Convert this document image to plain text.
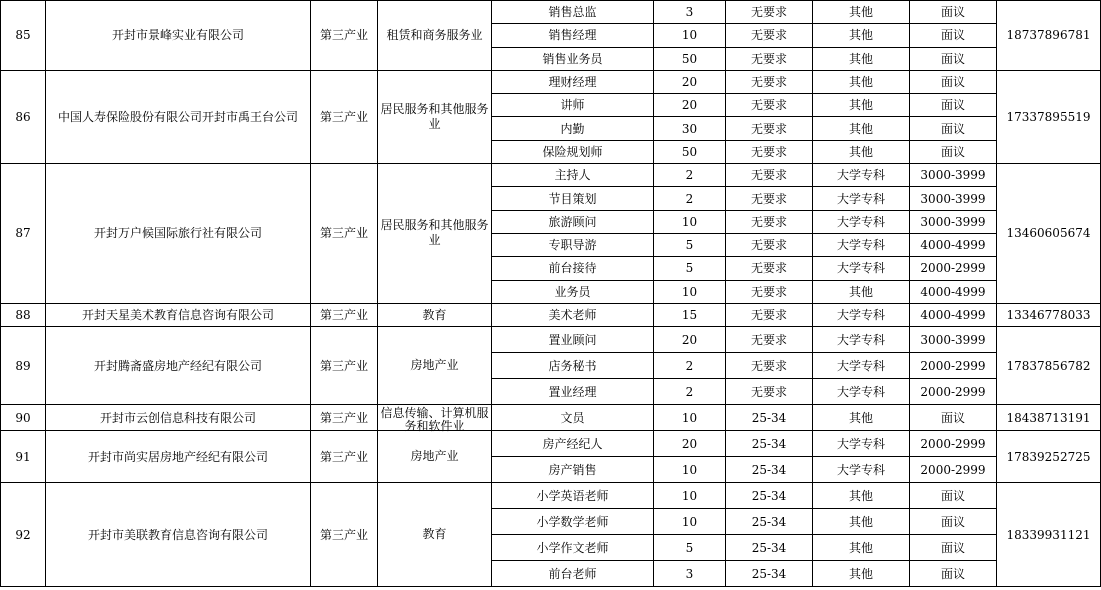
85	开封市景峰实业有限公司	第三产业	租赁和商务服务业	销售总监	3	无要求	其他	面议	18737896781
				销售经理	10	无要求	其他	面议	
				销售业务员	50	无要求	其他	面议	
86	中国人寿保险股份有限公司开封市禹王台公司	第三产业	居民服务和其他服务业	理财经理	20	无要求	其他	面议	17337895519
				讲师	20	无要求	其他	面议	
				内勤	30	无要求	其他	面议	
				保险规划师	50	无要求	其他	面议	
87	开封万户候国际旅行社有限公司	第三产业	居民服务和其他服务业	主持人	2	无要求	大学专科	3000-3999	13460605674
				节目策划	2	无要求	大学专科	3000-3999	
				旅游顾问	10	无要求	大学专科	3000-3999	
				专职导游	5	无要求	大学专科	4000-4999	
				前台接待	5	无要求	大学专科	2000-2999	
				业务员	10	无要求	其他	4000-4999	
88	开封天星美术教育信息咨询有限公司	第三产业	教育	美术老师	15	无要求	大学专科	4000-4999	13346778033
89	开封腾斋盛房地产经纪有限公司	第三产业	房地产业	置业顾问	20	无要求	大学专科	3000-3999	17837856782
				店务秘书	2	无要求	大学专科	2000-2999	
				置业经理	2	无要求	大学专科	2000-2999	
90	开封市云创信息科技有限公司	第三产业	信息传输、计算机服务和软件业	文员	10	25-34	其他	面议	18438713191
91	开封市尚实居房地产经纪有限公司	第三产业	房地产业	房产经纪人	20	25-34	大学专科	2000-2999	17839252725
				房产销售	10	25-34	大学专科	2000-2999	
92	开封市美联教育信息咨询有限公司	第三产业	教育	小学英语老师	10	25-34	其他	面议	18339931121
				小学数学老师	10	25-34	其他	面议	
				小学作文老师	5	25-34	其他	面议	
				前台老师	3	25-34	其他	面议	
